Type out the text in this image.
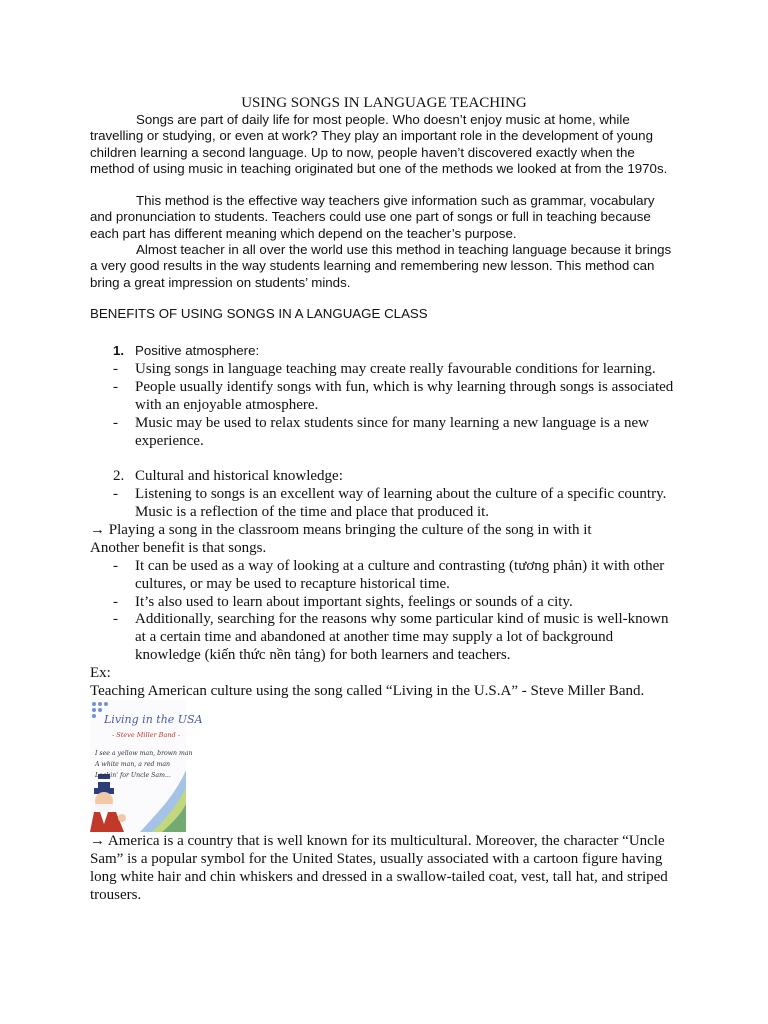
USING SONGS IN LANGUAGE TEACHING

Songs are part of daily life for most people. Who doesn’t enjoy music at home, while travelling or studying, or even at work? They play an important role in the development of young children learning a second language. Up to now, people haven’t discovered exactly when the method of using music in teaching originated but one of the methods we looked at from the 1970s.

This method is the effective way teachers give information such as grammar, vocabulary and pronunciation to students. Teachers could use one part of songs or full in teaching because each part has different meaning which depend on the teacher’s purpose.

Almost teacher in all over the world use this method in teaching language because it brings a very good results in the way students learning and remembering new lesson. This method can bring a great impression on students’ minds.

BENEFITS OF USING SONGS IN A LANGUAGE CLASS
1. Positive atmosphere:
- Using songs in language teaching may create really favourable conditions for learning.
- People usually identify songs with fun, which is why learning through songs is associated with an enjoyable atmosphere.
- Music may be used to relax students since for many learning a new language is a new experience.
2. Cultural and historical knowledge:
- Listening to songs is an excellent way of learning about the culture of a specific country. Music is a reflection of the time and place that produced it.

→ Playing a song in the classroom means bringing the culture of the song in with it

Another benefit is that songs.

- It can be used as a way of looking at a culture and contrasting (tương phản) it with other cultures, or may be used to recapture historical time.
- It’s also used to learn about important sights, feelings or sounds of a city.
- Additionally, searching for the reasons why some particular kind of music is well-known at a certain time and abandoned at another time may supply a lot of background knowledge (kiến thức nền tảng) for both learners and teachers.

Ex:

Teaching American culture using the song called “Living in the U.S.A” - Steve Miller Band.

Living in the USA
- Steve Miller Band -
I see a yellow man, brown man
A white man, a red man
Lookin' for Uncle Sam...

→ America is a country that is well known for its multicultural. Moreover, the character “Uncle Sam” is a popular symbol for the United States, usually associated with a cartoon figure having long white hair and chin whiskers and dressed in a swallow-tailed coat, vest, tall hat, and striped trousers.
